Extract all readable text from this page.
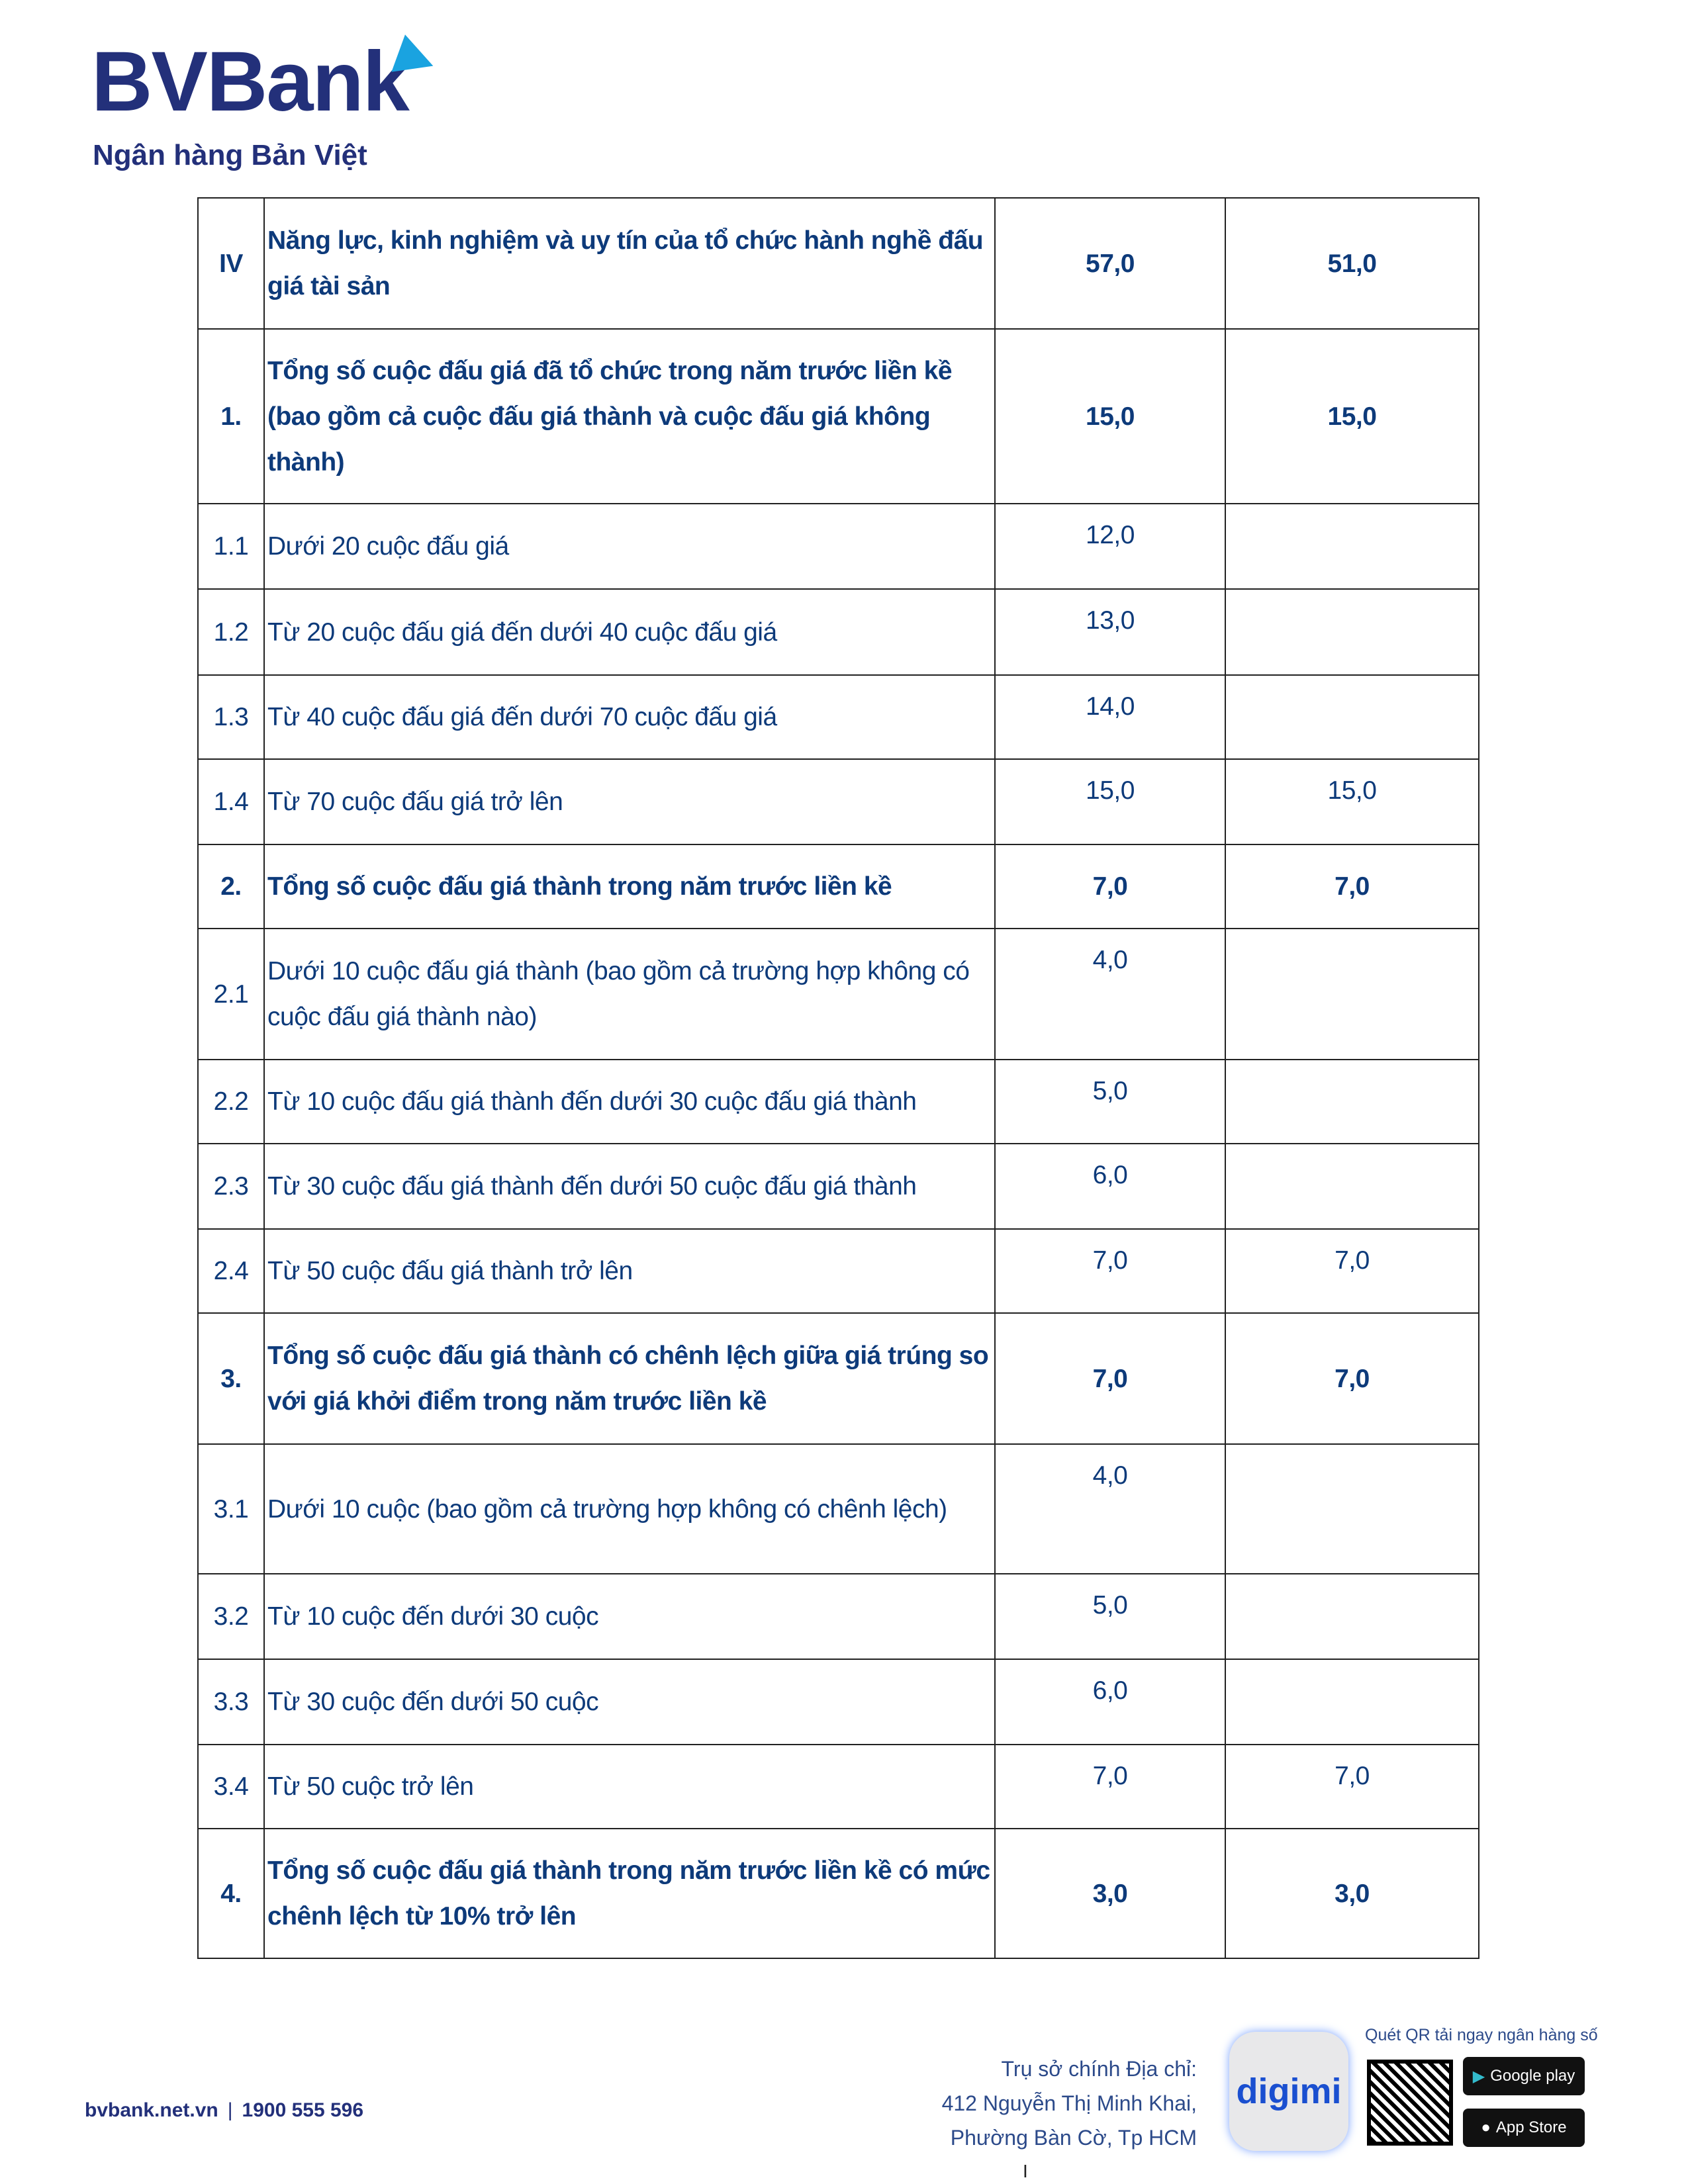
BVBank
Ngân hàng Bản Việt
IV	Năng lực, kinh nghiệm và uy tín của tổ chức hành nghề đấu giá tài sản	57,0	51,0
1.	Tổng số cuộc đấu giá đã tổ chức trong năm trước liền kề (bao gồm cả cuộc đấu giá thành và cuộc đấu giá không thành)	15,0	15,0
1.1	Dưới 20 cuộc đấu giá	12,0	
1.2	Từ 20 cuộc đấu giá đến dưới 40 cuộc đấu giá	13,0	
1.3	Từ 40 cuộc đấu giá đến dưới 70 cuộc đấu giá	14,0	
1.4	Từ 70 cuộc đấu giá trở lên	15,0	15,0
2.	Tổng số cuộc đấu giá thành trong năm trước liền kề	7,0	7,0
2.1	Dưới 10 cuộc đấu giá thành (bao gồm cả trường hợp không có cuộc đấu giá thành nào)	4,0	
2.2	Từ 10 cuộc đấu giá thành đến dưới 30 cuộc đấu giá thành	5,0	
2.3	Từ 30 cuộc đấu giá thành đến dưới 50 cuộc đấu giá thành	6,0	
2.4	Từ 50 cuộc đấu giá thành trở lên	7,0	7,0
3.	Tổng số cuộc đấu giá thành có chênh lệch giữa giá trúng so với giá khởi điểm trong năm trước liền kề	7,0	7,0
3.1	Dưới 10 cuộc (bao gồm cả trường hợp không có chênh lệch)	4,0	
3.2	Từ 10 cuộc đến dưới 30 cuộc	5,0	
3.3	Từ 30 cuộc đến dưới 50 cuộc	6,0	
3.4	Từ 50 cuộc trở lên	7,0	7,0
4.	Tổng số cuộc đấu giá thành trong năm trước liền kề có mức chênh lệch từ 10% trở lên	3,0	3,0
bvbank.net.vn | 1900 555 596
Trụ sở chính Địa chỉ:
412 Nguyễn Thị Minh Khai,
Phường Bàn Cờ, Tp HCM
digimi
Quét QR tải ngay ngân hàng số
▶ Google play
● App Store
I
